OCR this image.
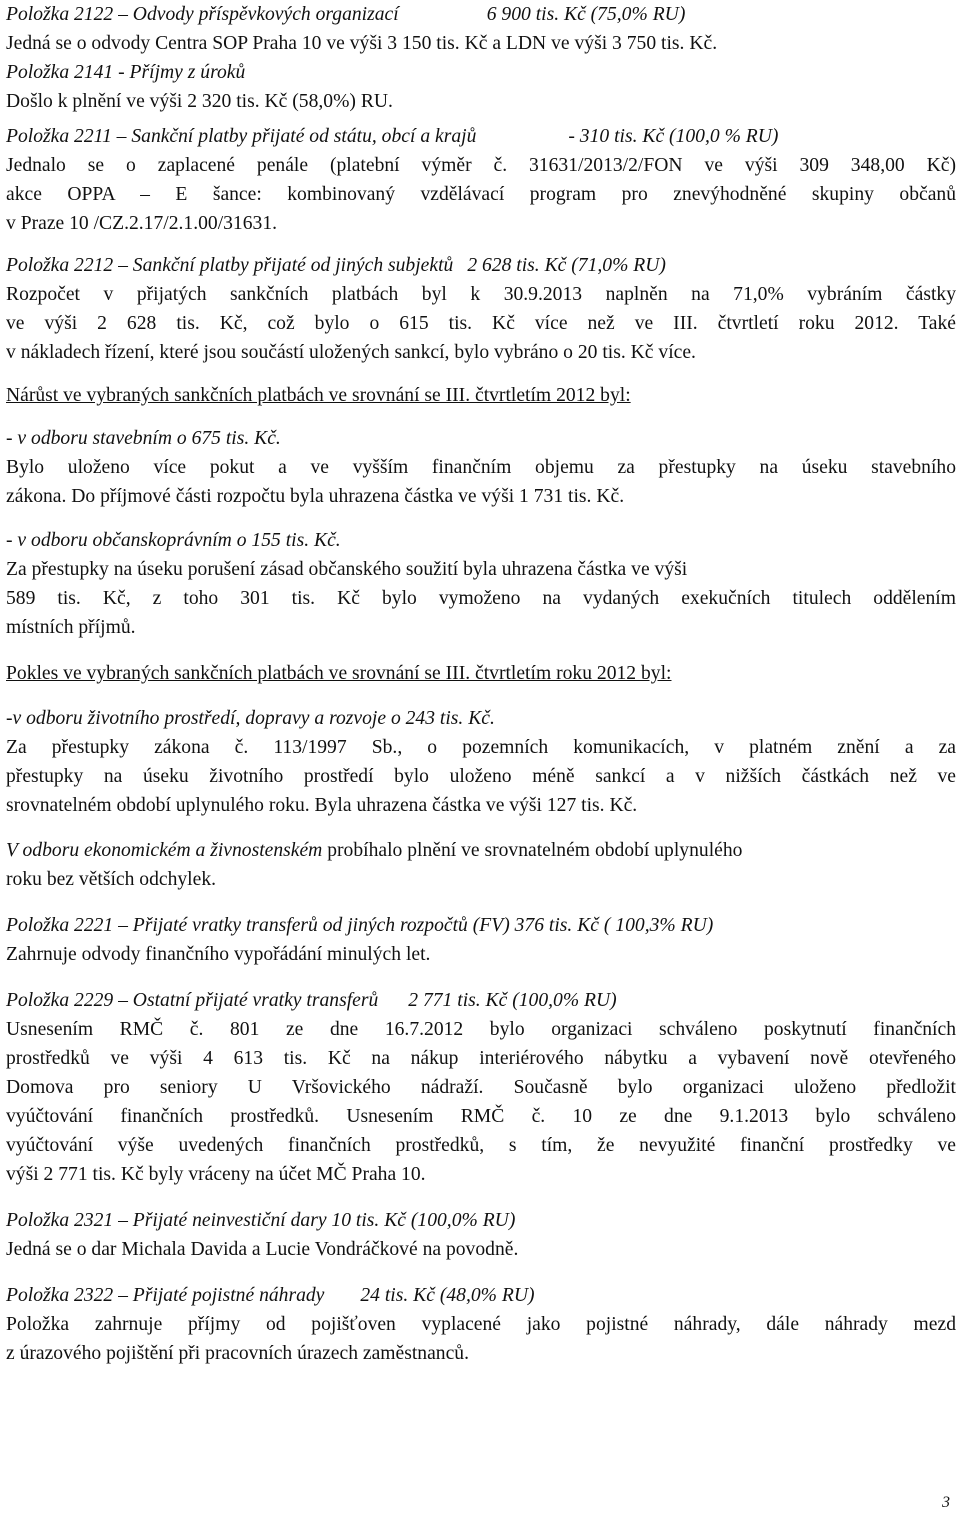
Položka 2122 – Odvody příspěvkových organizací	6 900 tis. Kč (75,0% RU)
Jedná se o odvody Centra SOP Praha 10 ve výši 3 150 tis. Kč a LDN ve výši 3 750 tis. Kč.
Položka 2141 - Příjmy z úroků
Došlo k plnění ve výši 2 320 tis. Kč (58,0%) RU.
Položka 2211 – Sankční platby přijaté od státu, obcí a krajů	- 310 tis. Kč (100,0 % RU)
Jednalo se o zaplacené penále (platební výměr č. 31631/2013/2/FON ve výši 309 348,00 Kč)
akce OPPA – E šance: kombinovaný vzdělávací program pro znevýhodněné skupiny občanů
v Praze 10 /CZ.2.17/2.1.00/31631.
Položka 2212 – Sankční platby přijaté od jiných subjektů 2 628 tis. Kč (71,0% RU)
Rozpočet v přijatých sankčních platbách byl k 30.9.2013 naplněn na 71,0% vybráním částky
ve výši 2 628 tis. Kč, což bylo o 615 tis. Kč více než ve III. čtvrtletí roku 2012. Také
v nákladech řízení, které jsou součástí uložených sankcí, bylo vybráno o 20 tis. Kč více.
Nárůst ve vybraných sankčních platbách ve srovnání se III. čtvrtletím 2012 byl:
- v odboru stavebním o 675 tis. Kč.
Bylo uloženo více pokut a ve vyšším finančním objemu za přestupky na úseku stavebního
zákona. Do příjmové části rozpočtu byla uhrazena částka ve výši 1 731 tis. Kč.
- v odboru občanskoprávním o 155 tis. Kč.
Za přestupky na úseku porušení zásad občanského soužití byla uhrazena částka ve výši
589 tis. Kč, z toho 301 tis. Kč bylo vymoženo na vydaných exekučních titulech oddělením
místních příjmů.
Pokles ve vybraných sankčních platbách ve srovnání se III. čtvrtletím roku 2012 byl:
-v odboru životního prostředí, dopravy a rozvoje o 243 tis. Kč.
Za přestupky zákona č. 113/1997 Sb., o pozemních komunikacích, v platném znění a za
přestupky na úseku životního prostředí bylo uloženo méně sankcí a v nižších částkách než ve
srovnatelném období uplynulého roku. Byla uhrazena částka ve výši 127 tis. Kč.
V odboru ekonomickém a živnostenském probíhalo plnění ve srovnatelném období uplynulého
roku bez větších odchylek.
Položka 2221 – Přijaté vratky transferů od jiných rozpočtů (FV) 376 tis. Kč ( 100,3% RU)
Zahrnuje odvody finančního vypořádání minulých let.
Položka 2229 – Ostatní přijaté vratky transferů 2 771 tis. Kč (100,0% RU)
Usnesením RMČ č. 801 ze dne 16.7.2012 bylo organizaci schváleno poskytnutí finančních
prostředků ve výši 4 613 tis. Kč na nákup interiérového nábytku a vybavení nově otevřeného
Domova pro seniory U Vršovického nádraží. Současně bylo organizaci uloženo předložit
vyúčtování finančních prostředků. Usnesením RMČ č. 10 ze dne 9.1.2013 bylo schváleno
vyúčtování výše uvedených finančních prostředků, s tím, že nevyužité finanční prostředky ve
výši 2 771 tis. Kč byly vráceny na účet MČ Praha 10.
Položka 2321 – Přijaté neinvestiční dary 10 tis. Kč (100,0% RU)
Jedná se o dar Michala Davida a Lucie Vondráčkové na povodně.
Položka 2322 – Přijaté pojistné náhrady 24 tis. Kč (48,0% RU)
Položka zahrnuje příjmy od pojišťoven vyplacené jako pojistné náhrady, dále náhrady mezd
z úrazového pojištění při pracovních úrazech zaměstnanců.
3
